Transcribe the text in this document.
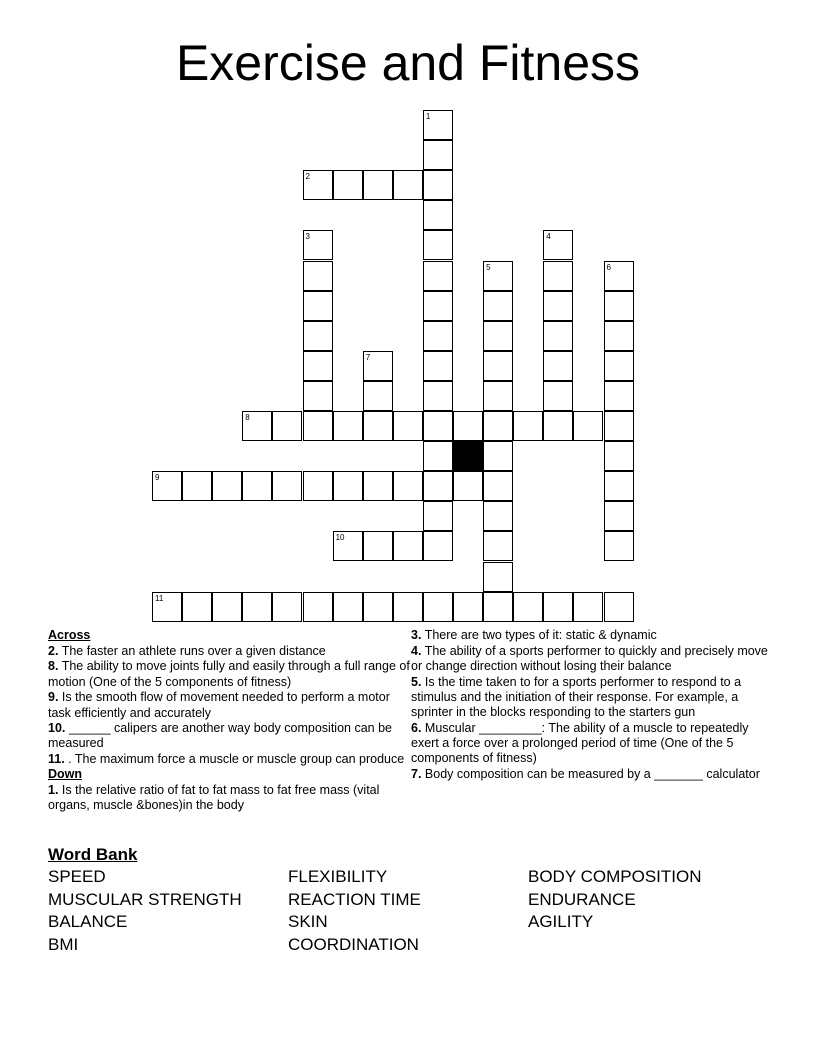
Exercise and Fitness
1
2
3	4
5	6
7
8
9
10
11
Across
2. The faster an athlete runs over a given distance
8. The ability to move joints fully and easily through a full range of motion (One of the 5 components of fitness)
9. Is the smooth flow of movement needed to perform a motor task efficiently and accurately
10. ______ calipers are another way body composition can be measured
11. . The maximum force a muscle or muscle group can produce
Down
1. Is the relative ratio of fat to fat mass to fat free mass (vital organs, muscle &bones)in the body
3. There are two types of it: static & dynamic
4. The ability of a sports performer to quickly and precisely move or change direction without losing their balance
5. Is the time taken to for a sports performer to respond to a stimulus and the initiation of their response. For example, a sprinter in the blocks responding to the starters gun
6. Muscular _________: The ability of a muscle to repeatedly exert a force over a prolonged period of time (One of the 5 components of fitness)
7. Body composition can be measured by a _______ calculator
Word Bank
SPEED
MUSCULAR STRENGTH
BALANCE
BMI
FLEXIBILITY
REACTION TIME
SKIN
COORDINATION
BODY COMPOSITION
ENDURANCE
AGILITY
